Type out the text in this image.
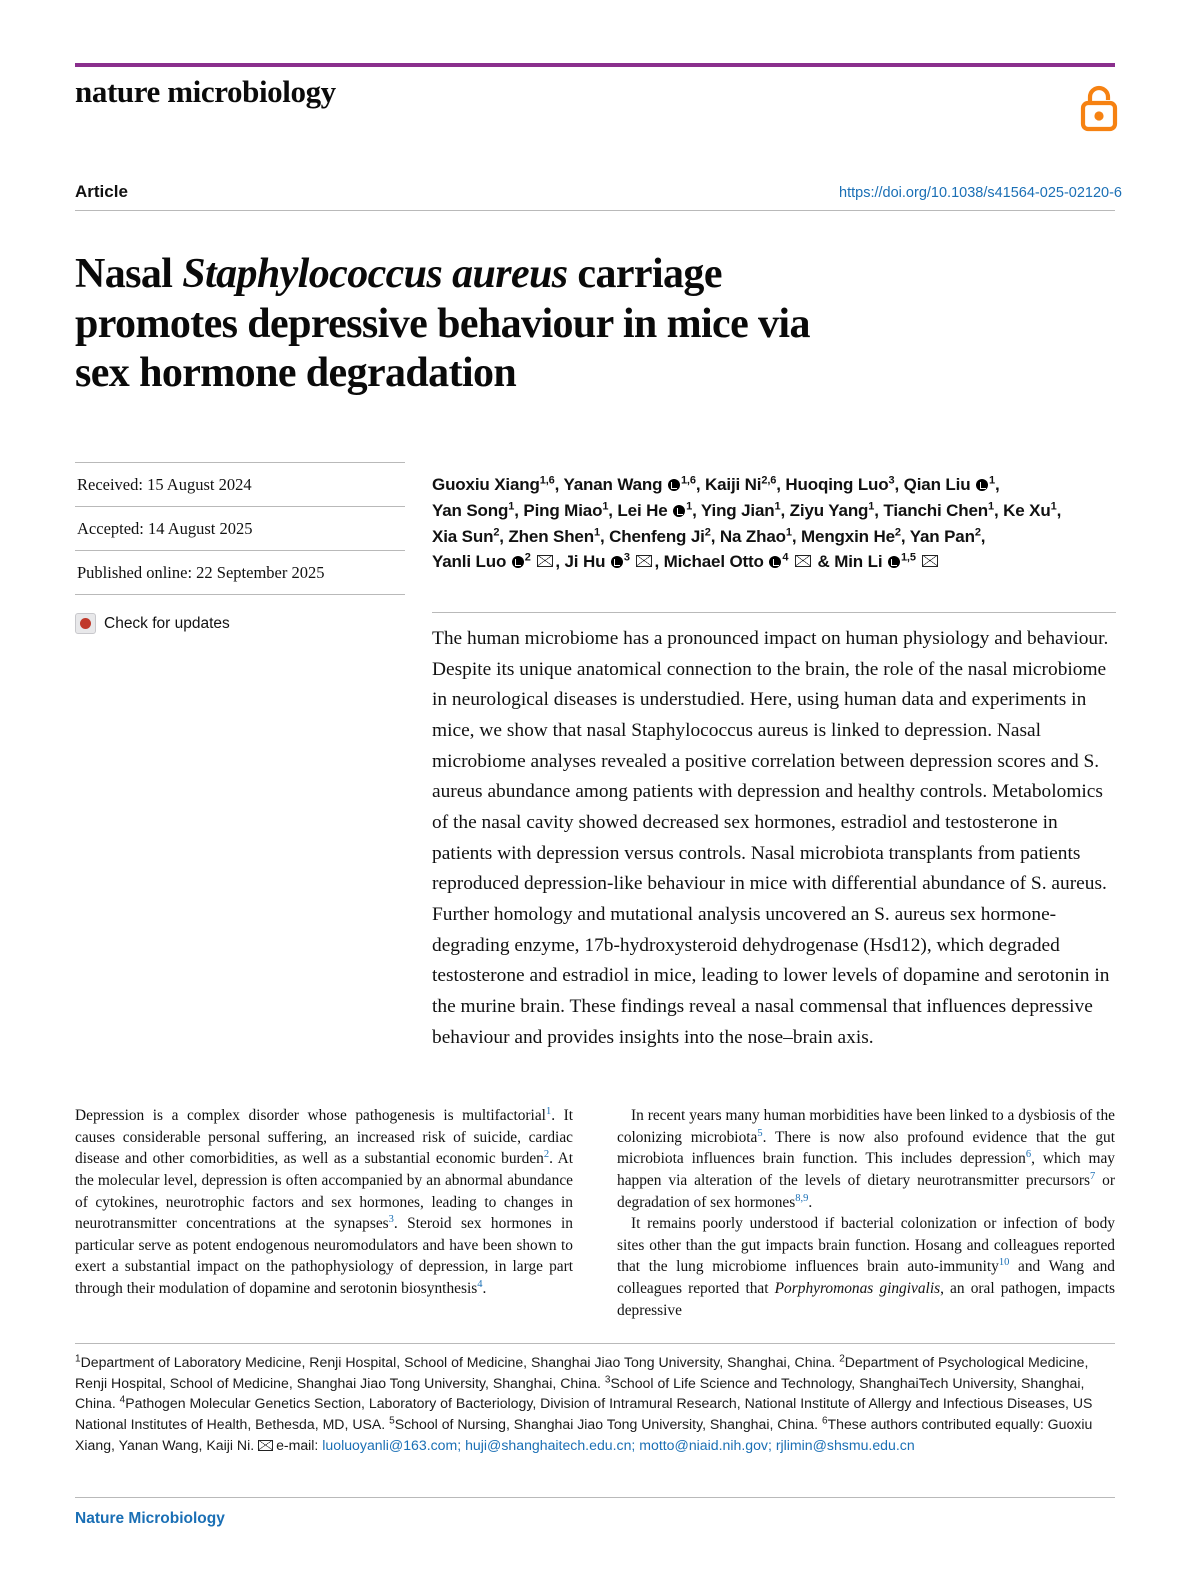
nature microbiology
Article	https://doi.org/10.1038/s41564-025-02120-6
Nasal Staphylococcus aureus carriage
promotes depressive behaviour in mice via
sex hormone degradation
Received: 15 August 2024
Accepted: 14 August 2025
Published online: 22 September 2025
Check for updates
Guoxiu Xiang$^{1,6}$, Yanan Wang $^{1,6}$, Kaiji Ni$^{2,6}$, Huoqing Luo$^3$, Qian Liu $^1$,
Yan Song$^1$, Ping Miao$^1$, Lei He $^1$, Ying Jian$^1$, Ziyu Yang$^1$, Tianchi Chen$^1$, Ke Xu$^1$,
Xia Sun$^2$, Zhen Shen$^1$, Chenfeng Ji$^2$, Na Zhao$^1$, Mengxin He$^2$, Yan Pan$^2$,
Yanli Luo $^2$ , Ji Hu $^3$ , Michael Otto $^4$  & Min Li $^{1,5}$
The human microbiome has a pronounced impact on human physiology and behaviour. Despite its unique anatomical connection to the brain, the role of the nasal microbiome in neurological diseases is understudied. Here, using human data and experiments in mice, we show that nasal Staphylococcus aureus is linked to depression. Nasal microbiome analyses revealed a positive correlation between depression scores and S. aureus abundance among patients with depression and healthy controls. Metabolomics of the nasal cavity showed decreased sex hormones, estradiol and testosterone in patients with depression versus controls. Nasal microbiota transplants from patients reproduced depression-like behaviour in mice with differential abundance of S. aureus. Further homology and mutational analysis uncovered an S. aureus sex hormone-degrading enzyme, 17b-hydroxysteroid dehydrogenase (Hsd12), which degraded testosterone and estradiol in mice, leading to lower levels of dopamine and serotonin in the murine brain. These findings reveal a nasal commensal that influences depressive behaviour and provides insights into the nose–brain axis.

Depression is a complex disorder whose pathogenesis is multifactorial$^1$. It causes considerable personal suffering, an increased risk of suicide, cardiac disease and other comorbidities, as well as a substantial economic burden$^2$. At the molecular level, depression is often accompanied by an abnormal abundance of cytokines, neurotrophic factors and sex hormones, leading to changes in neurotransmitter concentrations at the synapses$^3$. Steroid sex hormones in particular serve as potent endogenous neuromodulators and have been shown to exert a substantial impact on the pathophysiology of depression, in large part through their modulation of dopamine and serotonin biosynthesis$^4$.

In recent years many human morbidities have been linked to a dysbiosis of the colonizing microbiota$^5$. There is now also profound evidence that the gut microbiota influences brain function. This includes depression$^6$, which may happen via alteration of the levels of dietary neurotransmitter precursors$^7$ or degradation of sex hormones$^{8,9}$.

It remains poorly understood if bacterial colonization or infection of body sites other than the gut impacts brain function. Hosang and colleagues reported that the lung microbiome influences brain auto-immunity$^{10}$ and Wang and colleagues reported that Porphyromonas gingivalis, an oral pathogen, impacts depressive

$^1$Department of Laboratory Medicine, Renji Hospital, School of Medicine, Shanghai Jiao Tong University, Shanghai, China. $^2$Department of Psychological Medicine, Renji Hospital, School of Medicine, Shanghai Jiao Tong University, Shanghai, China. $^3$School of Life Science and Technology, ShanghaiTech University, Shanghai, China. $^4$Pathogen Molecular Genetics Section, Laboratory of Bacteriology, Division of Intramural Research, National Institute of Allergy and Infectious Diseases, US National Institutes of Health, Bethesda, MD, USA. $^5$School of Nursing, Shanghai Jiao Tong University, Shanghai, China. $^6$These authors contributed equally: Guoxiu Xiang, Yanan Wang, Kaiji Ni. e-mail: luoluoyanli@163.com; huji@shanghaitech.edu.cn; motto@niaid.nih.gov; rjlimin@shsmu.edu.cn
Nature Microbiology
